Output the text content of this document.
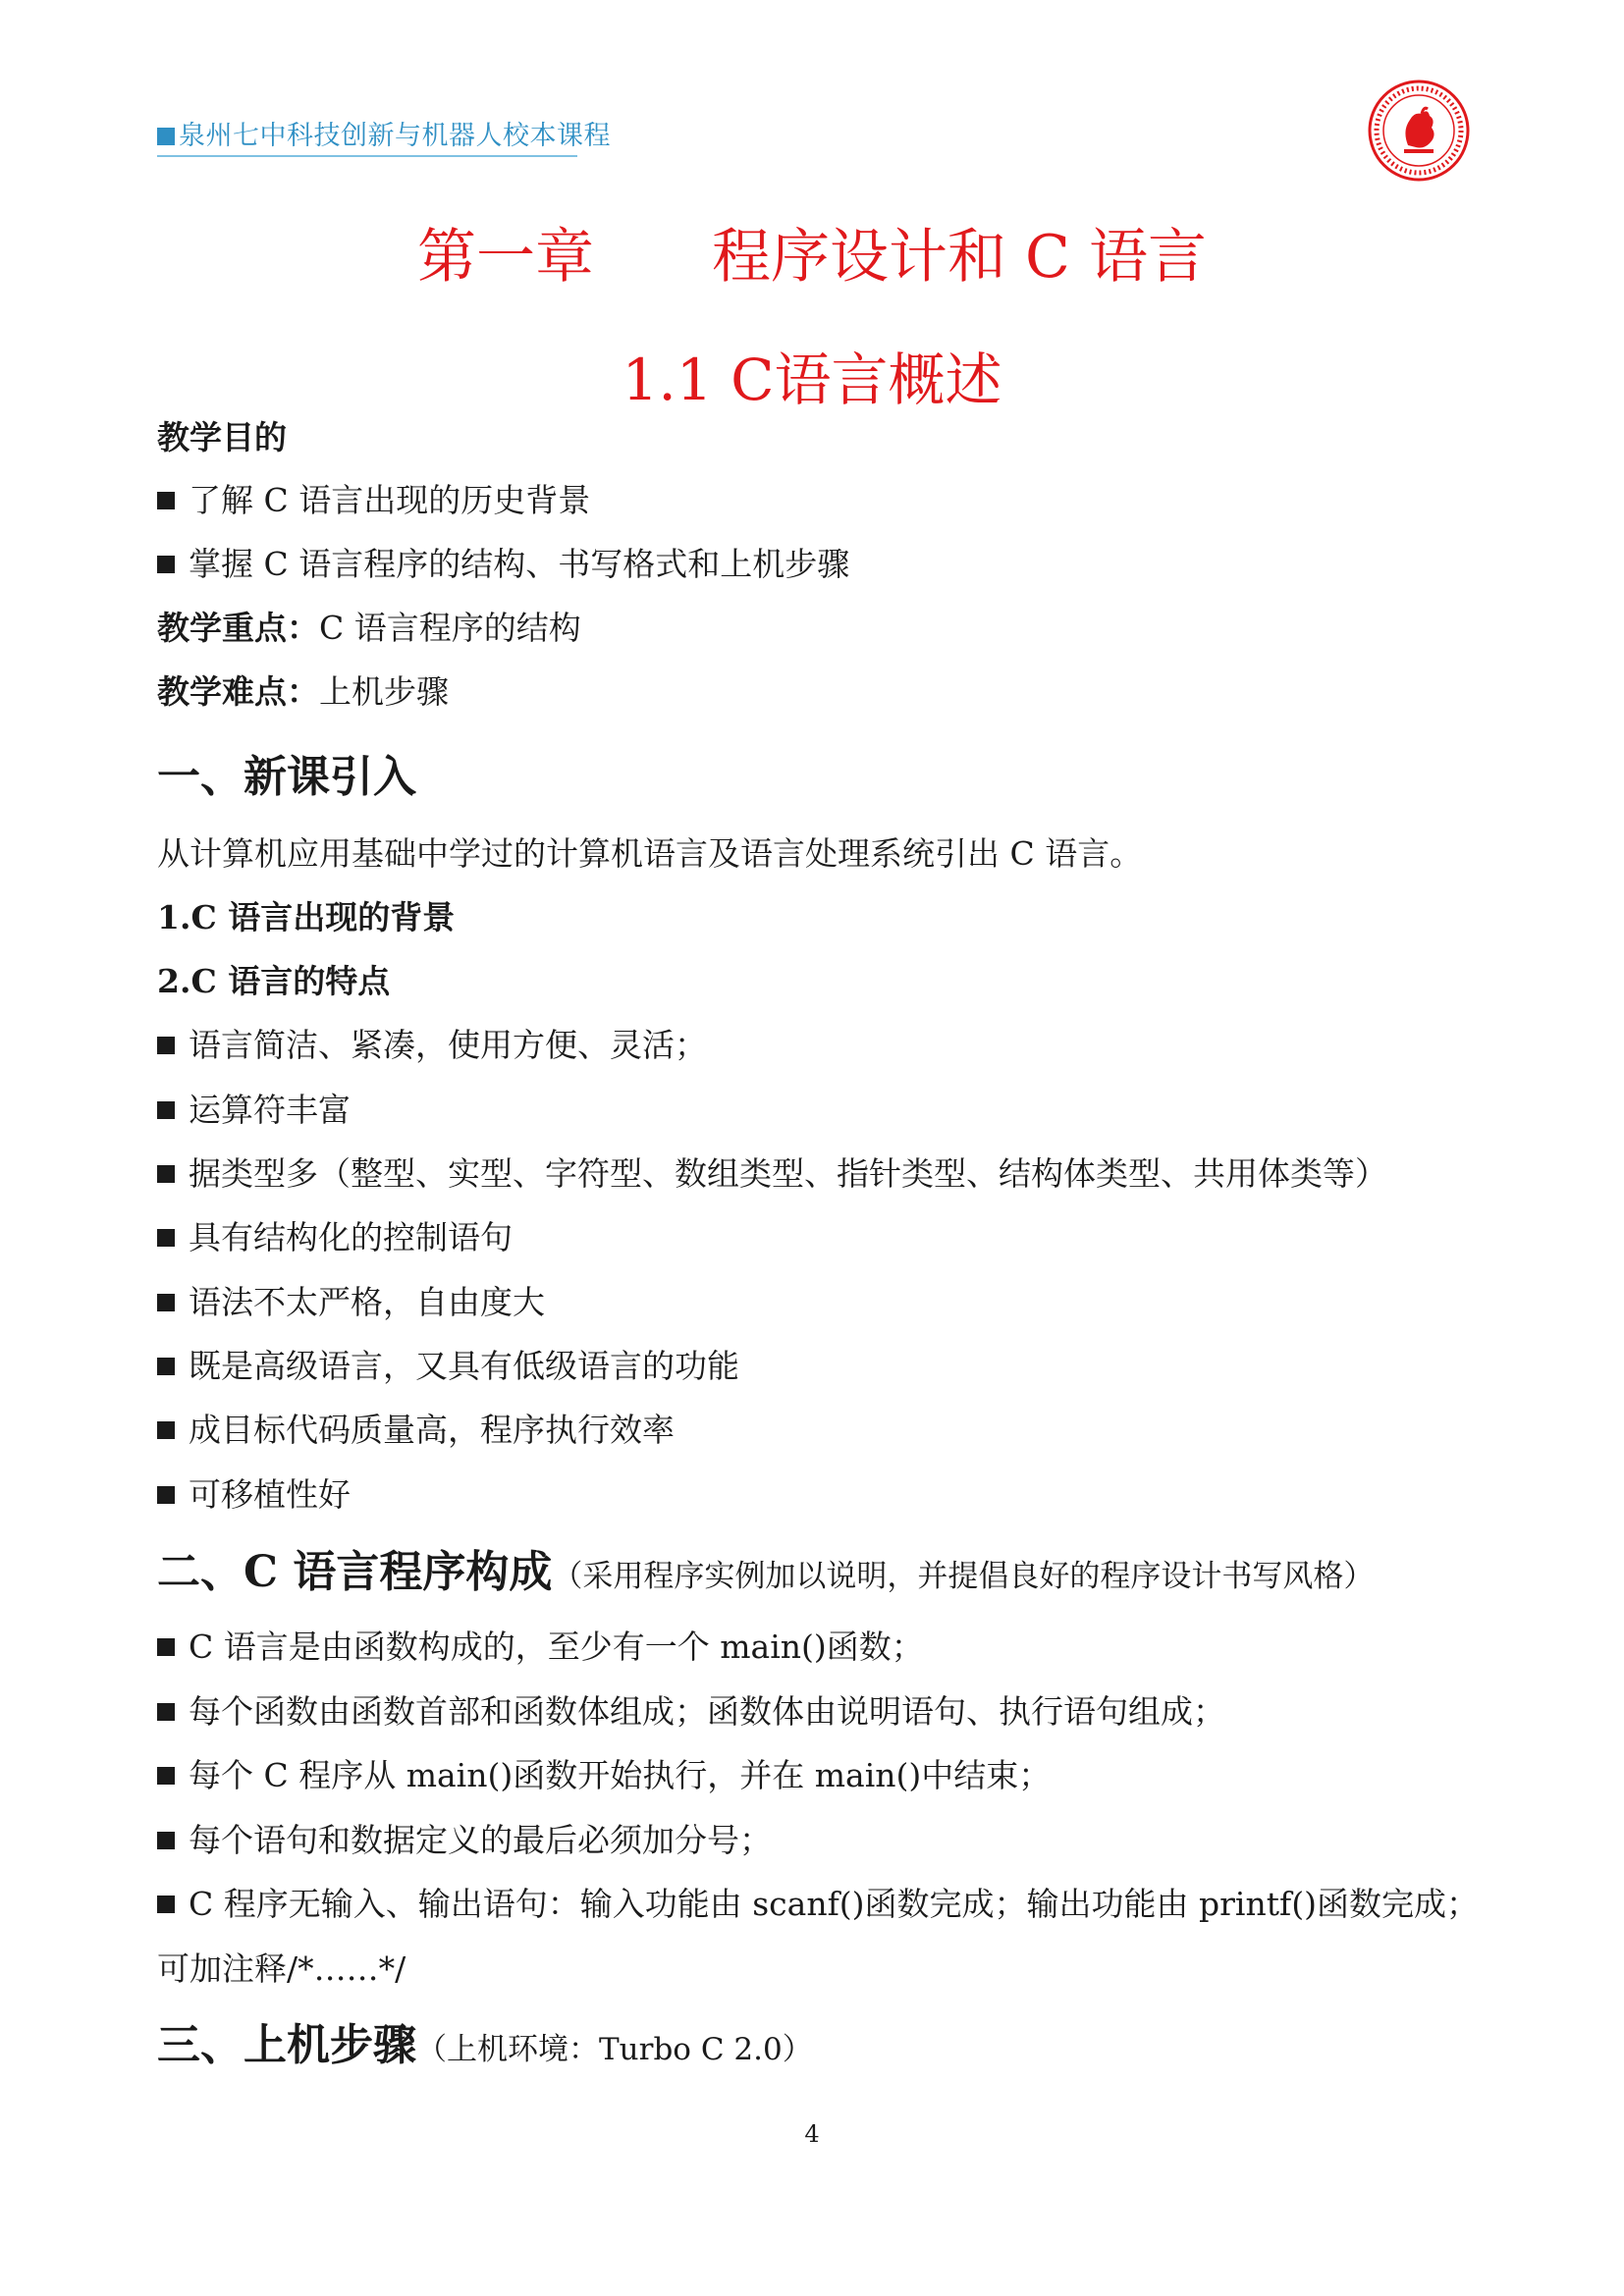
泉州七中科技创新与机器人校本课程
第一章 程序设计和 C 语言
1.1 C语言概述
教学目的
了解 C 语言出现的历史背景
掌握 C 语言程序的结构、书写格式和上机步骤
教学重点：C 语言程序的结构
教学难点：上机步骤
一、新课引入
从计算机应用基础中学过的计算机语言及语言处理系统引出 C 语言。
1.C 语言出现的背景
2.C 语言的特点
语言简洁、紧凑，使用方便、灵活；
运算符丰富
据类型多（整型、实型、字符型、数组类型、指针类型、结构体类型、共用体类等）
具有结构化的控制语句
语法不太严格，自由度大
既是高级语言，又具有低级语言的功能
成目标代码质量高，程序执行效率
可移植性好
二、C 语言程序构成（采用程序实例加以说明，并提倡良好的程序设计书写风格）
C 语言是由函数构成的，至少有一个 main()函数；
每个函数由函数首部和函数体组成；函数体由说明语句、执行语句组成；
每个 C 程序从 main()函数开始执行，并在 main()中结束；
每个语句和数据定义的最后必须加分号；
C 程序无输入、输出语句：输入功能由 scanf()函数完成；输出功能由 printf()函数完成；
可加注释/*……*/
三、上机步骤（上机环境：Turbo C 2.0）
4
